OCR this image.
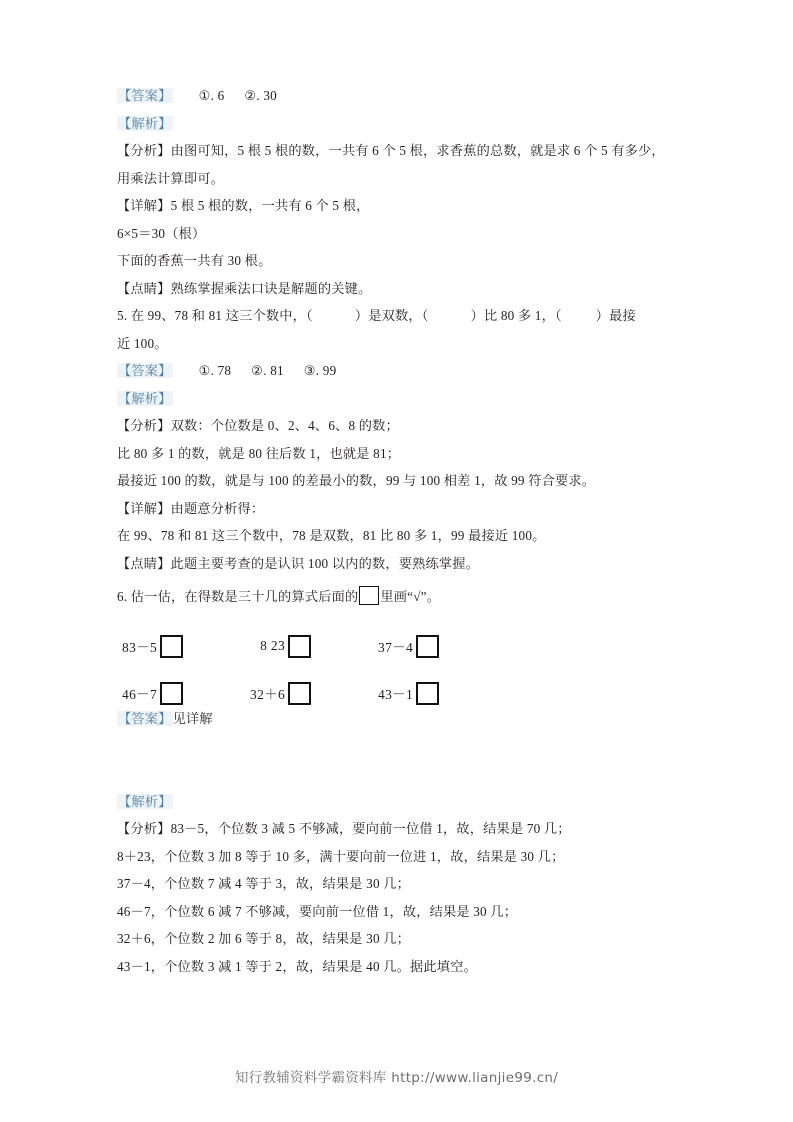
【答案】 ①. 6 ②. 30
【解析】
【分析】由图可知，5 根 5 根的数，一共有 6 个 5 根，求香蕉的总数，就是求 6 个 5 有多少，
用乘法计算即可。
【详解】5 根 5 根的数，一共有 6 个 5 根，
6×5＝30（根）
下面的香蕉一共有 30 根。
【点睛】熟练掌握乘法口诀是解题的关键。
5. 在 99、78 和 81 这三个数中，（	）是双数，（	）比 80 多 1，（	）最接
近 100。
【答案】 ①. 78 ②. 81 ③. 99
【解析】
【分析】双数：个位数是 0、2、4、6、8 的数；
比 80 多 1 的数，就是 80 往后数 1，也就是 81；
最接近 100 的数，就是与 100 的差最小的数，99 与 100 相差 1，故 99 符合要求。
【详解】由题意分析得：
在 99、78 和 81 这三个数中，78 是双数，81 比 80 多 1，99 最接近 100。
【点睛】此题主要考查的是认识 100 以内的数，要熟练掌握。
6. 估一估，在得数是三十几的算式后面的 里画“√”。
【答案】见详解
【解析】
【分析】83－5，个位数 3 减 5 不够减，要向前一位借 1，故，结果是 70 几；
8＋23，个位数 3 加 8 等于 10 多，满十要向前一位进 1，故，结果是 30 几；
37－4，个位数 7 减 4 等于 3，故，结果是 30 几；
46－7，个位数 6 减 7 不够减，要向前一位借 1，故，结果是 30 几；
32＋6，个位数 2 加 6 等于 8，故，结果是 30 几；
43－1，个位数 3 减 1 等于 2，故，结果是 40 几。据此填空。
83－5	8 23	37－4
46－7	32＋6	43－1
知行教辅资料学霸资料库 http://www.lianjie99.cn/
